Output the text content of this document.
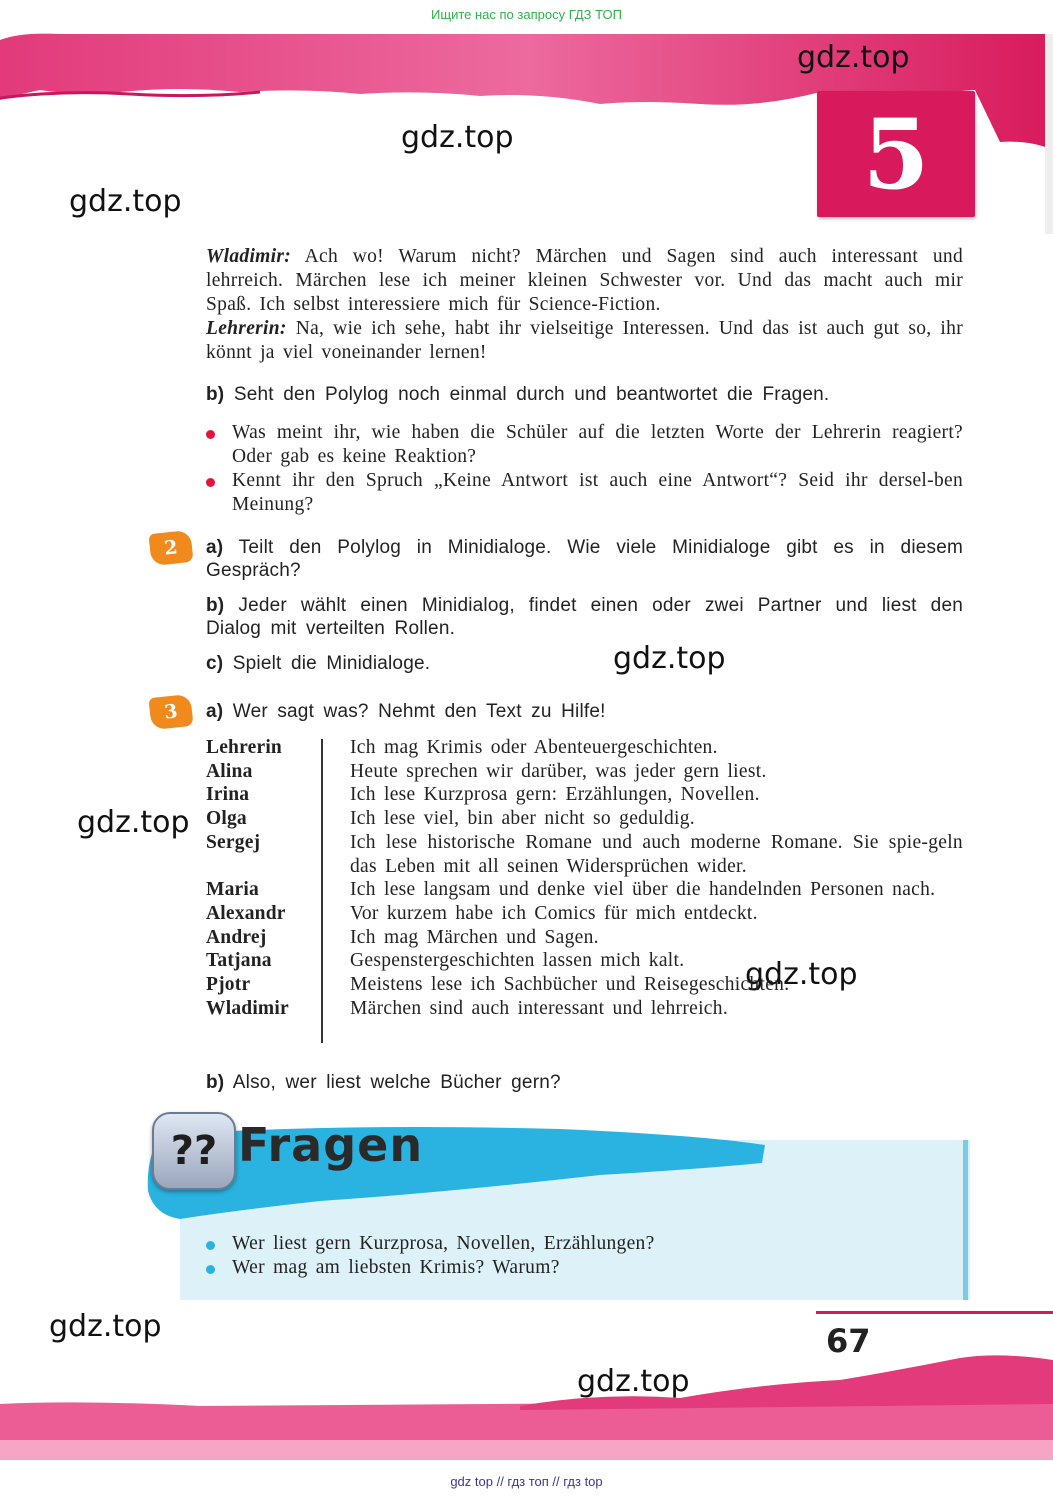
Ищите нас по запросу ГДЗ ТОП
gdz top // гдз топ // гдз top
gdz.top
gdz.top
gdz.top
gdz.top
gdz.top
gdz.top
gdz.top
gdz.top
5
Wladimir: Ach wo! Warum nicht? Märchen und Sagen sind auch interessant und lehrreich. Märchen lese ich meiner kleinen Schwester vor. Und das macht auch mir Spaß. Ich selbst interessiere mich für Science-Fiction.
Lehrerin: Na, wie ich sehe, habt ihr vielseitige Interessen. Und das ist auch gut so, ihr könnt ja viel voneinander lernen!
b) Seht den Polylog noch einmal durch und beantwortet die Fragen.
Was meint ihr, wie haben die Schüler auf die letzten Worte der Lehrerin reagiert? Oder gab es keine Reaktion?
Kennt ihr den Spruch „Keine Antwort ist auch eine Antwort“? Seid ihr dersel-ben Meinung?
2	a) Teilt den Polylog in Minidialoge. Wie viele Minidialoge gibt es in diesem Gespräch?
b) Jeder wählt einen Minidialog, findet einen oder zwei Partner und liest den Dialog mit verteilten Rollen.
c) Spielt die Minidialoge.
3	a) Wer sagt was? Nehmt den Text zu Hilfe!
Lehrerin	Ich mag Krimis oder Abenteuergeschichten.
Alina	Heute sprechen wir darüber, was jeder gern liest.
Irina	Ich lese Kurzprosa gern: Erzählungen, Novellen.
Olga	Ich lese viel, bin aber nicht so geduldig.
Sergej	Ich lese historische Romane und auch moderne Romane. Sie spie-geln das Leben mit all seinen Widersprüchen wider.
Maria	Ich lese langsam und denke viel über die handelnden Personen nach.
Alexandr	Vor kurzem habe ich Comics für mich entdeckt.
Andrej	Ich mag Märchen und Sagen.
Tatjana	Gespenstergeschichten lassen mich kalt.
Pjotr	Meistens lese ich Sachbücher und Reisegeschichten.
Wladimir	Märchen sind auch interessant und lehrreich.
b) Also, wer liest welche Bücher gern?
?? Fragen
Wer liest gern Kurzprosa, Novellen, Erzählungen?
Wer mag am liebsten Krimis? Warum?
67
